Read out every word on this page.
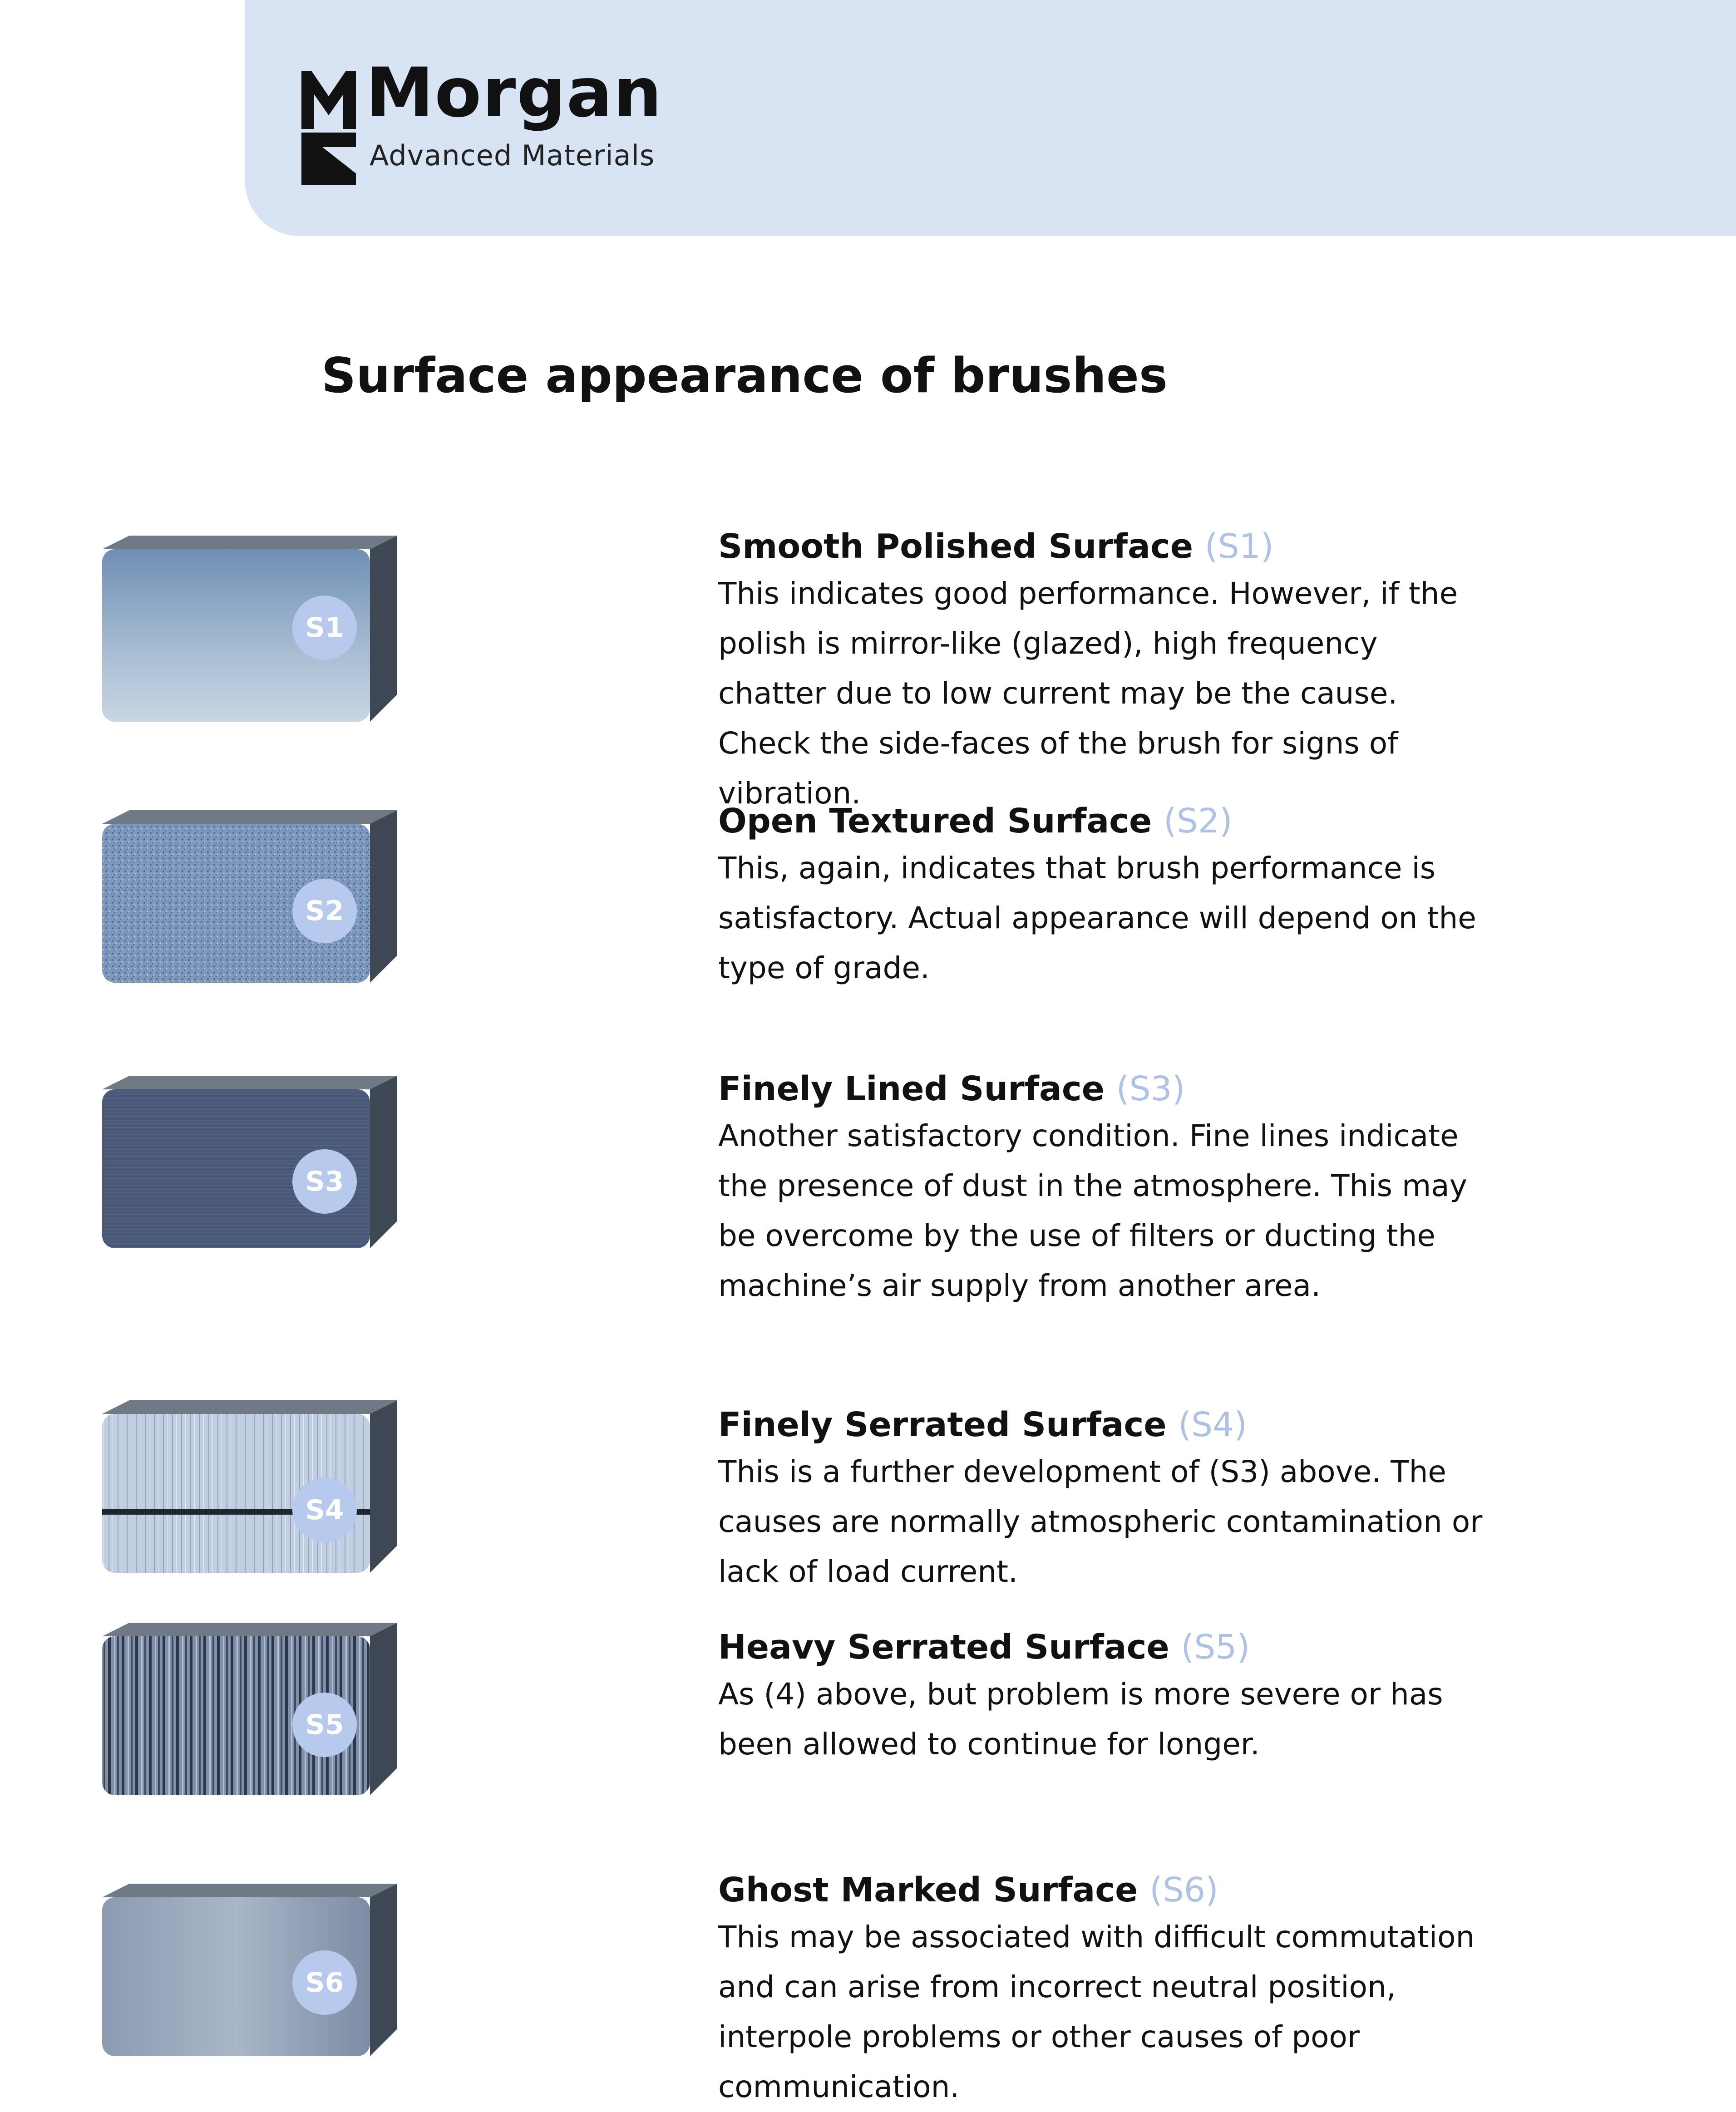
Morgan
Advanced Materials
Surface appearance of brushes
S1
S2
S3
S4
S5
S6
Smooth Polished Surface (S1)

This indicates good performance. However, if the polish is mirror-like (glazed), high frequency chatter due to low current may be the cause. Check the side-faces of the brush for signs of vibration.

Open Textured Surface (S2)

This, again, indicates that brush performance is satisfactory. Actual appearance will depend on the type of grade.

Finely Lined Surface (S3)

Another satisfactory condition. Fine lines indicate the presence of dust in the atmosphere. This may be overcome by the use of filters or ducting the machine’s air supply from another area.

Finely Serrated Surface (S4)

This is a further development of (S3) above. The causes are normally atmospheric contamination or lack of load current.

Heavy Serrated Surface (S5)

As (4) above, but problem is more severe or has been allowed to continue for longer.

Ghost Marked Surface (S6)

This may be associated with difficult commutation and can arise from incorrect neutral position, interpole problems or other causes of poor communication.
